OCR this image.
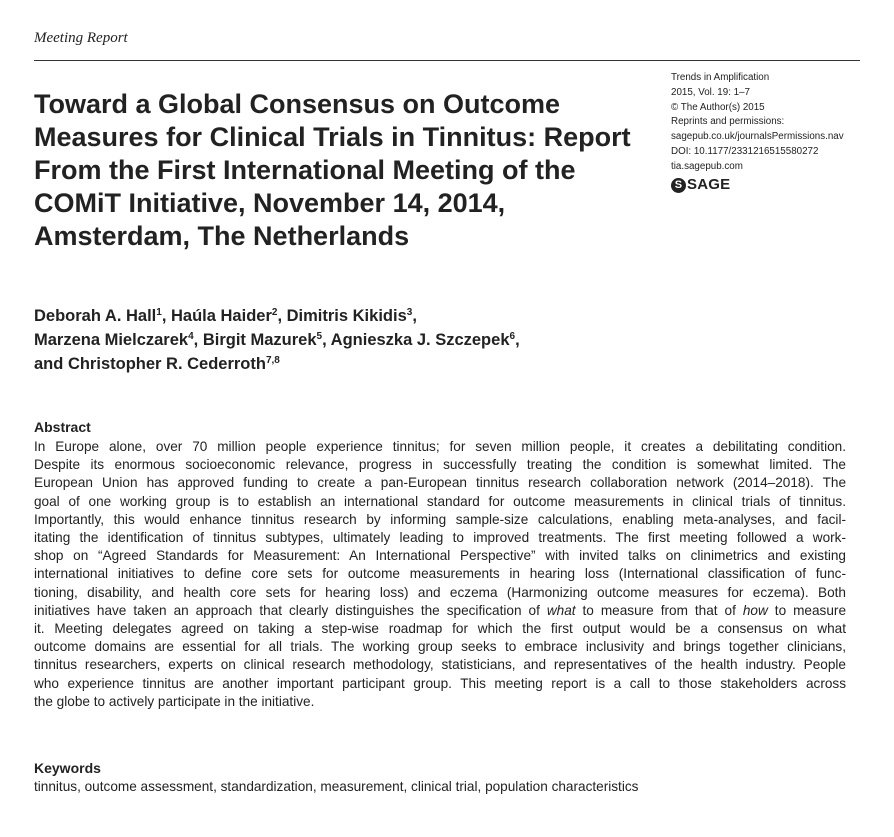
Meeting Report
Toward a Global Consensus on Outcome Measures for Clinical Trials in Tinnitus: Report From the First International Meeting of the COMiT Initiative, November 14, 2014, Amsterdam, The Netherlands
Trends in Amplification
2015, Vol. 19: 1–7
© The Author(s) 2015
Reprints and permissions:
sagepub.co.uk/journalsPermissions.nav
DOI: 10.1177/2331216515580272
tia.sagepub.com
S SAGE
Deborah A. Hall$^1$, Haúla Haider$^2$, Dimitris Kikidis$^3$,
Marzena Mielczarek$^4$, Birgit Mazurek$^5$, Agnieszka J. Szczepek$^6$,
and Christopher R. Cederroth$^{7,8}$
Abstract
In Europe alone, over 70 million people experience tinnitus; for seven million people, it creates a debilitating condition.
Despite its enormous socioeconomic relevance, progress in successfully treating the condition is somewhat limited. The
European Union has approved funding to create a pan-European tinnitus research collaboration network (2014–2018). The
goal of one working group is to establish an international standard for outcome measurements in clinical trials of tinnitus.
Importantly, this would enhance tinnitus research by informing sample-size calculations, enabling meta-analyses, and facil-
itating the identification of tinnitus subtypes, ultimately leading to improved treatments. The first meeting followed a work-
shop on “Agreed Standards for Measurement: An International Perspective” with invited talks on clinimetrics and existing
international initiatives to define core sets for outcome measurements in hearing loss (International classification of func-
tioning, disability, and health core sets for hearing loss) and eczema (Harmonizing outcome measures for eczema). Both
initiatives have taken an approach that clearly distinguishes the specification of what to measure from that of how to measure
it. Meeting delegates agreed on taking a step-wise roadmap for which the first output would be a consensus on what
outcome domains are essential for all trials. The working group seeks to embrace inclusivity and brings together clinicians,
tinnitus researchers, experts on clinical research methodology, statisticians, and representatives of the health industry. People
who experience tinnitus are another important participant group. This meeting report is a call to those stakeholders across
the globe to actively participate in the initiative.
Keywords
tinnitus, outcome assessment, standardization, measurement, clinical trial, population characteristics
